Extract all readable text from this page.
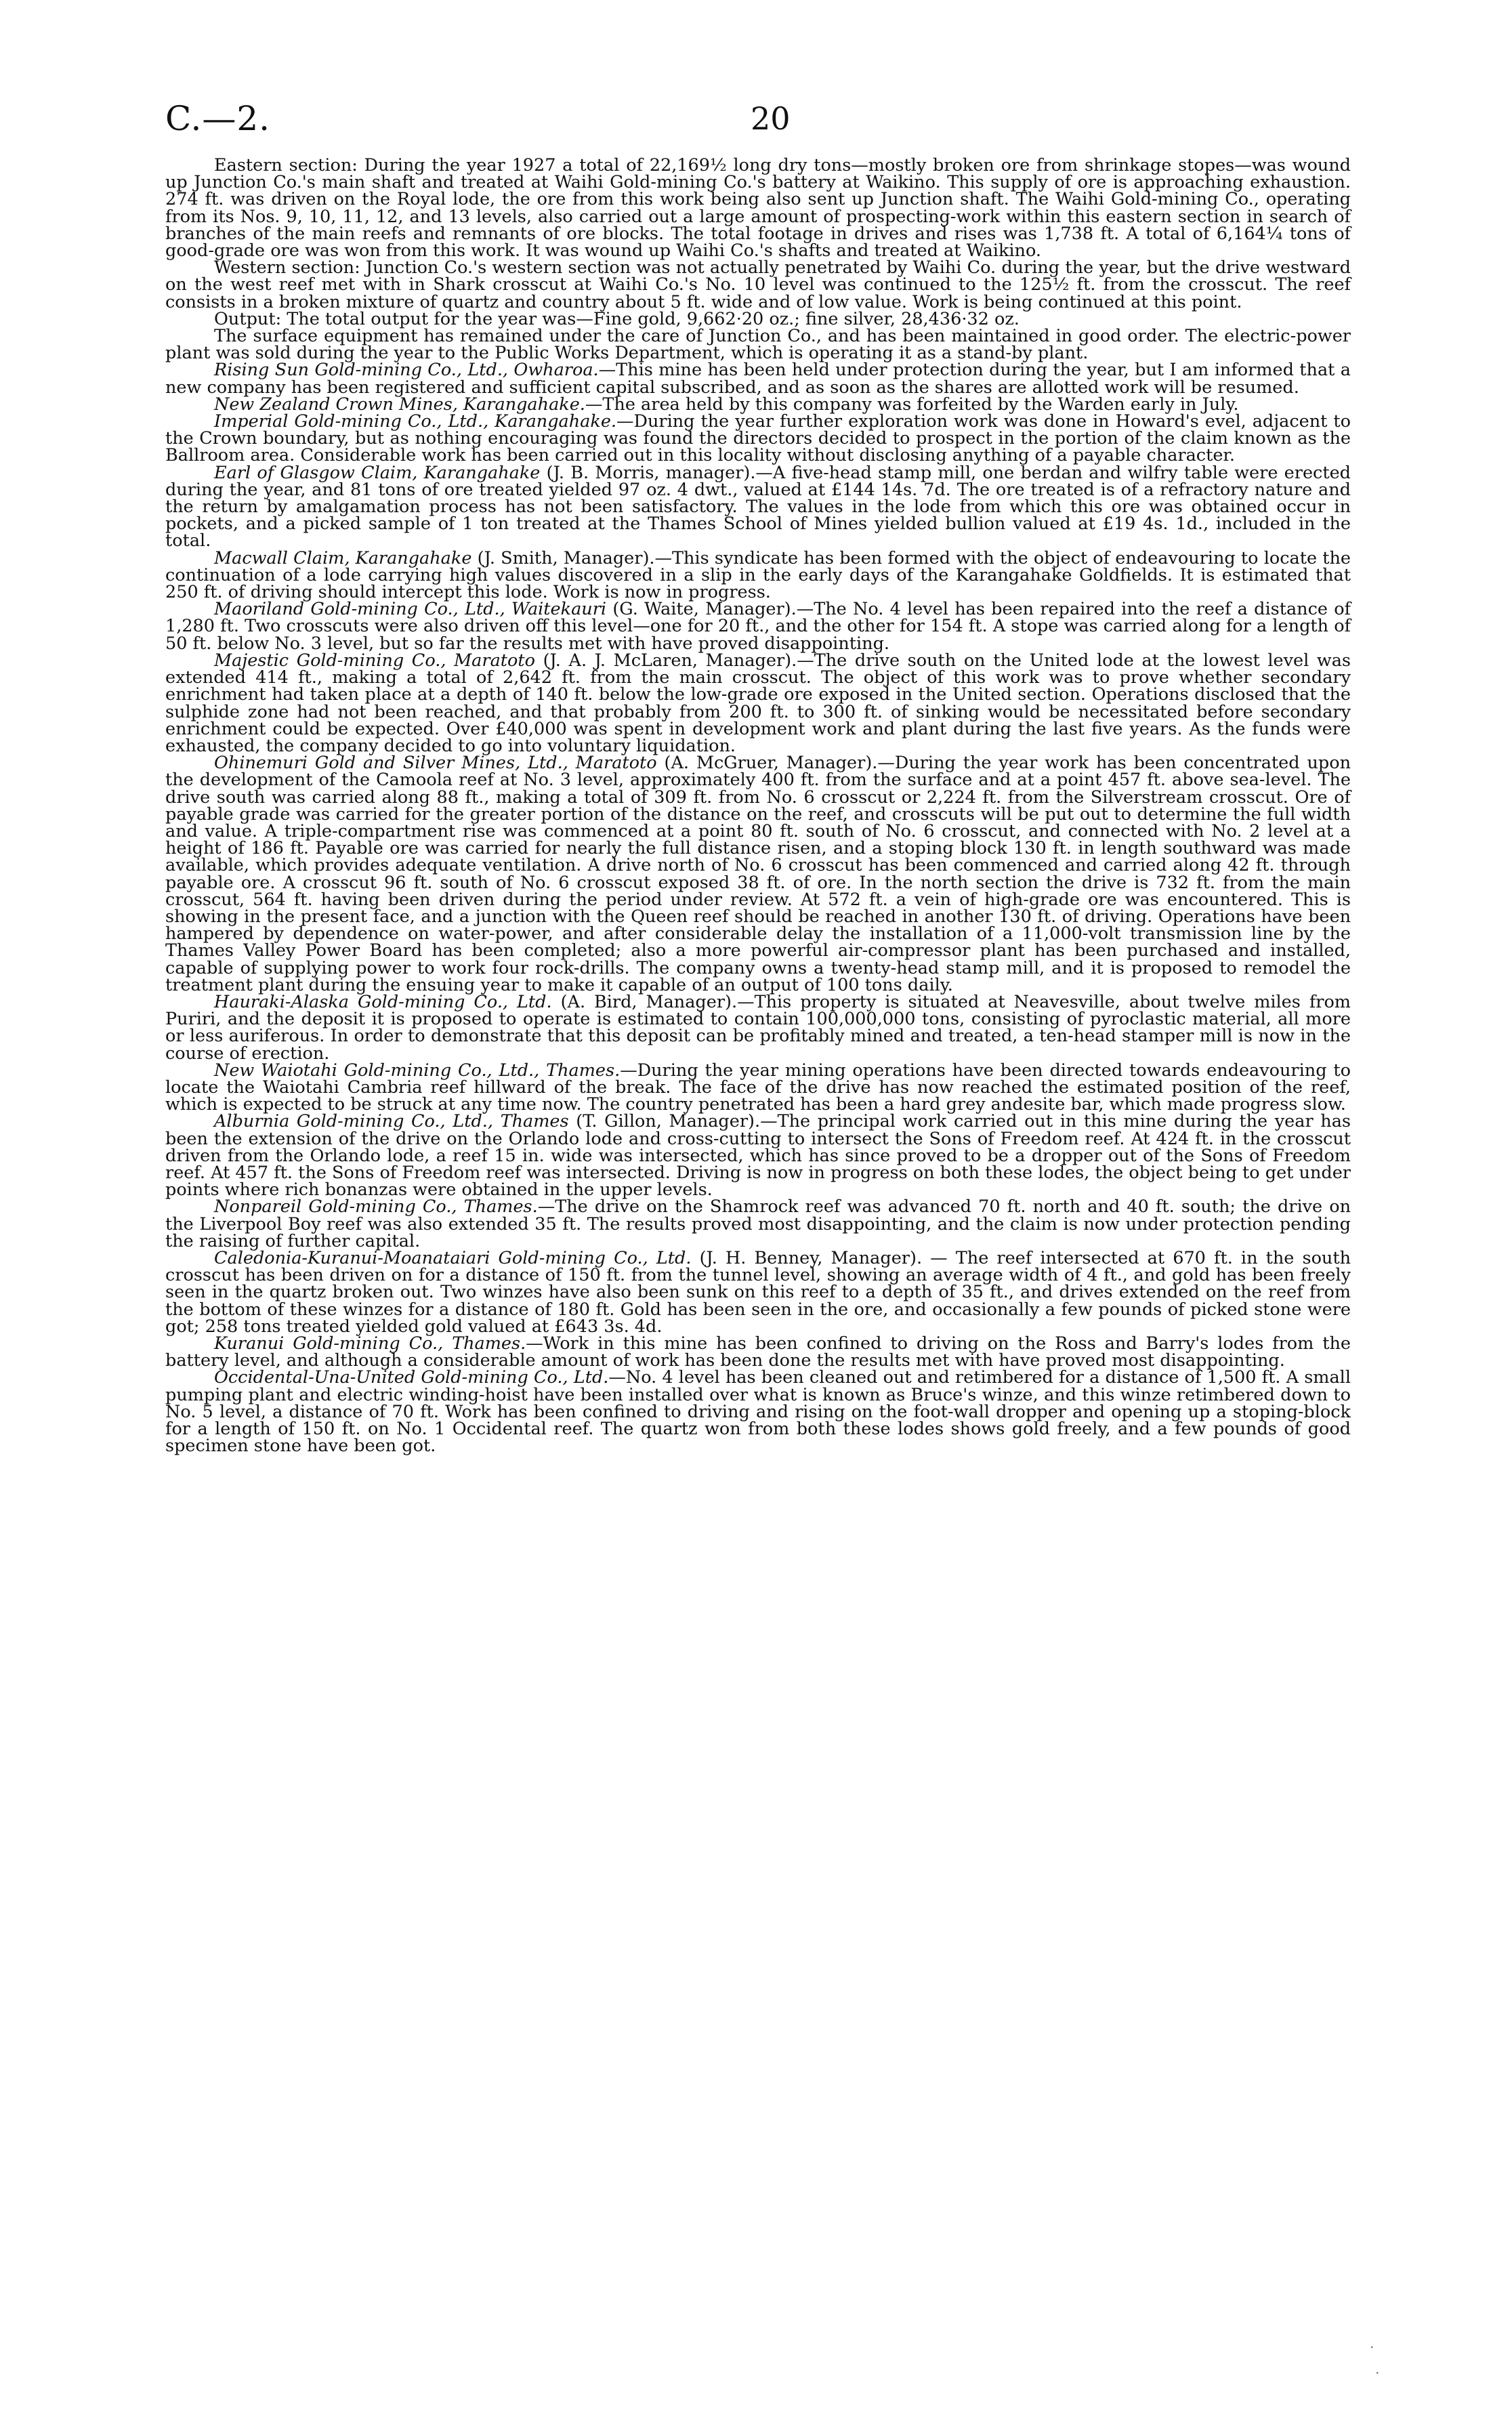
C.—2.	20

Eastern section: During the year 1927 a total of 22,169½ long dry tons—mostly broken ore from shrinkage stopes—was wound up Junction Co.'s main shaft and treated at Waihi Gold-mining Co.'s battery at Waikino. This supply of ore is approaching exhaustion. 274 ft. was driven on the Royal lode, the ore from this work being also sent up Junction shaft. The Waihi Gold-mining Co., operating from its Nos. 9, 10, 11, 12, and 13 levels, also carried out a large amount of prospecting-work within this eastern section in search of branches of the main reefs and remnants of ore blocks. The total footage in drives and rises was 1,738 ft. A total of 6,164¼ tons of good-grade ore was won from this work. It was wound up Waihi Co.'s shafts and treated at Waikino.

Western section: Junction Co.'s western section was not actually penetrated by Waihi Co. during the year, but the drive westward on the west reef met with in Shark crosscut at Waihi Co.'s No. 10 level was continued to the 125½ ft. from the crosscut. The reef consists in a broken mixture of quartz and country about 5 ft. wide and of low value. Work is being continued at this point.

Output: The total output for the year was—Fine gold, 9,662·20 oz.; fine silver, 28,436·32 oz.

The surface equipment has remained under the care of Junction Co., and has been maintained in good order. The electric-power plant was sold during the year to the Public Works Department, which is operating it as a stand-by plant.

Rising Sun Gold-mining Co., Ltd., Owharoa.—This mine has been held under protection during the year, but I am informed that a new company has been registered and sufficient capital subscribed, and as soon as the shares are allotted work will be resumed.

New Zealand Crown Mines, Karangahake.—The area held by this company was forfeited by the Warden early in July.

Imperial Gold-mining Co., Ltd., Karangahake.—During the year further exploration work was done in Howard's evel, adjacent to the Crown boundary, but as nothing encouraging was found the directors decided to prospect in the portion of the claim known as the Ballroom area. Considerable work has been carried out in this locality without disclosing anything of a payable character.

Earl of Glasgow Claim, Karangahake (J. B. Morris, manager).—A five-head stamp mill, one berdan and wilfry table were erected during the year, and 81 tons of ore treated yielded 97 oz. 4 dwt., valued at £144 14s. 7d. The ore treated is of a refractory nature and the return by amalgamation process has not been satisfactory. The values in the lode from which this ore was obtained occur in pockets, and a picked sample of 1 ton treated at the Thames School of Mines yielded bullion valued at £19 4s. 1d., included in the total.

Macwall Claim, Karangahake (J. Smith, Manager).—This syndicate has been formed with the object of endeavouring to locate the continuation of a lode carrying high values discovered in a slip in the early days of the Karangahake Goldfields. It is estimated that 250 ft. of driving should intercept this lode. Work is now in progress.

Maoriland Gold-mining Co., Ltd., Waitekauri (G. Waite, Manager).—The No. 4 level has been repaired into the reef a distance of 1,280 ft. Two crosscuts were also driven off this level—one for 20 ft., and the other for 154 ft. A stope was carried along for a length of 50 ft. below No. 3 level, but so far the results met with have proved disappointing.

Majestic Gold-mining Co., Maratoto (J. A. J. McLaren, Manager).—The drive south on the United lode at the lowest level was extended 414 ft., making a total of 2,642 ft. from the main crosscut. The object of this work was to prove whether secondary enrichment had taken place at a depth of 140 ft. below the low-grade ore exposed in the United section. Operations disclosed that the sulphide zone had not been reached, and that probably from 200 ft. to 300 ft. of sinking would be necessitated before secondary enrichment could be expected. Over £40,000 was spent in development work and plant during the last five years. As the funds were exhausted, the company decided to go into voluntary liquidation.

Ohinemuri Gold and Silver Mines, Ltd., Maratoto (A. McGruer, Manager).—During the year work has been concentrated upon the development of the Camoola reef at No. 3 level, approximately 400 ft. from the surface and at a point 457 ft. above sea-level. The drive south was carried along 88 ft., making a total of 309 ft. from No. 6 crosscut or 2,224 ft. from the Silverstream crosscut. Ore of payable grade was carried for the greater portion of the distance on the reef, and crosscuts will be put out to determine the full width and value. A triple-compartment rise was commenced at a point 80 ft. south of No. 6 crosscut, and connected with No. 2 level at a height of 186 ft. Payable ore was carried for nearly the full distance risen, and a stoping block 130 ft. in length southward was made available, which provides adequate ventilation. A drive north of No. 6 crosscut has been commenced and carried along 42 ft. through payable ore. A crosscut 96 ft. south of No. 6 crosscut exposed 38 ft. of ore. In the north section the drive is 732 ft. from the main crosscut, 564 ft. having been driven during the period under review. At 572 ft. a vein of high-grade ore was encountered. This is showing in the present face, and a junction with the Queen reef should be reached in another 130 ft. of driving. Operations have been hampered by dependence on water-power, and after considerable delay the installation of a 11,000-volt transmission line by the Thames Valley Power Board has been completed; also a more powerful air-compressor plant has been purchased and installed, capable of supplying power to work four rock-drills. The company owns a twenty-head stamp mill, and it is proposed to remodel the treatment plant during the ensuing year to make it capable of an output of 100 tons daily.

Hauraki-Alaska Gold-mining Co., Ltd. (A. Bird, Manager).—This property is situated at Neavesville, about twelve miles from Puriri, and the deposit it is proposed to operate is estimated to contain 100,000,000 tons, consisting of pyroclastic material, all more or less auriferous. In order to demonstrate that this deposit can be profitably mined and treated, a ten-head stamper mill is now in the course of erection.

New Waiotahi Gold-mining Co., Ltd., Thames.—During the year mining operations have been directed towards endeavouring to locate the Waiotahi Cambria reef hillward of the break. The face of the drive has now reached the estimated position of the reef, which is expected to be struck at any time now. The country penetrated has been a hard grey andesite bar, which made progress slow.

Alburnia Gold-mining Co., Ltd., Thames (T. Gillon, Manager).—The principal work carried out in this mine during the year has been the extension of the drive on the Orlando lode and cross-cutting to intersect the Sons of Freedom reef. At 424 ft. in the crosscut driven from the Orlando lode, a reef 15 in. wide was intersected, which has since proved to be a dropper out of the Sons of Freedom reef. At 457 ft. the Sons of Freedom reef was intersected. Driving is now in progress on both these lodes, the object being to get under points where rich bonanzas were obtained in the upper levels.

Nonpareil Gold-mining Co., Thames.—The drive on the Shamrock reef was advanced 70 ft. north and 40 ft. south; the drive on the Liverpool Boy reef was also extended 35 ft. The results proved most disappointing, and the claim is now under protection pending the raising of further capital.

Caledonia-Kuranui-Moanataiari Gold-mining Co., Ltd. (J. H. Benney, Manager). — The reef intersected at 670 ft. in the south crosscut has been driven on for a distance of 150 ft. from the tunnel level, showing an average width of 4 ft., and gold has been freely seen in the quartz broken out. Two winzes have also been sunk on this reef to a depth of 35 ft., and drives extended on the reef from the bottom of these winzes for a distance of 180 ft. Gold has been seen in the ore, and occasionally a few pounds of picked stone were got; 258 tons treated yielded gold valued at £643 3s. 4d.

Kuranui Gold-mining Co., Thames.—Work in this mine has been confined to driving on the Ross and Barry's lodes from the battery level, and although a considerable amount of work has been done the results met with have proved most disappointing.

Occidental-Una-United Gold-mining Co., Ltd.—No. 4 level has been cleaned out and retimbered for a distance of 1,500 ft. A small pumping plant and electric winding-hoist have been installed over what is known as Bruce's winze, and this winze retimbered down to No. 5 level, a distance of 70 ft. Work has been confined to driving and rising on the foot-wall dropper and opening up a stoping-block for a length of 150 ft. on No. 1 Occidental reef. The quartz won from both these lodes shows gold freely, and a few pounds of good specimen stone have been got.

·
·
